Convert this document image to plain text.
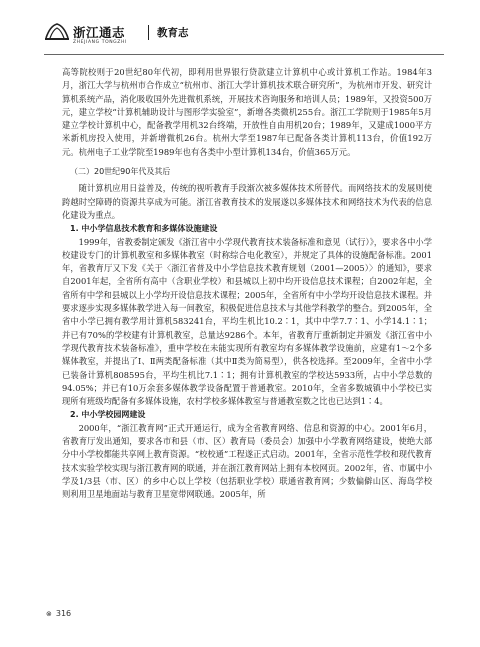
浙江通志
ZHEJIANG TONGZHI
教育志

高等院校则于20世纪80年代初，即利用世界银行贷款建立计算机中心或计算机工作站。1984年3月，浙江大学与杭州市合作成立“杭州市、浙江大学计算机技术联合研究所”，为杭州市开发、研究计算机系统产品，消化吸收国外先进微机系统，开展技术咨询服务和培训人员；1989年，又投资500万元，建立学校“计算机辅助设计与图形学实验室”，新增各类微机255台。浙江工学院则于1985年5月建立学校计算机中心，配备教学用机32台终端，开放性自由用机20台；1989年，又建成1000平方米新机房投入使用，并新增微机26台。杭州大学至1987年已配备各类计算机113台，价值192万元。杭州电子工业学院至1989年也有各类中小型计算机134台，价值365万元。

（二）20世纪90年代及其后

随计算机应用日益普及，传统的视听教育手段渐次被多媒体技术所替代。而网络技术的发展则使跨越时空障碍的资源共享成为可能。浙江省教育技术的发展遂以多媒体技术和网络技术为代表的信息化建设为重点。

1. 中小学信息技术教育和多媒体设施建设

1999年，省教委制定颁发《浙江省中小学现代教育技术装备标准和意见（试行）》，要求各中小学校建设专门的计算机教室和多媒体教室（时称综合电化教室），并规定了具体的设施配备标准。2001年，省教育厅又下发《关于〈浙江省普及中小学信息技术教育规划（2001—2005）〉的通知》，要求自2001年起，全省所有高中（含职业学校）和县城以上初中均开设信息技术课程；自2002年起，全省所有中学和县城以上小学均开设信息技术课程；2005年，全省所有中小学均开设信息技术课程。并要求逐步实现多媒体教学进入每一间教室，积极促进信息技术与其他学科教学的整合。到2005年，全省中小学已拥有教学用计算机583241台，平均生机比10.2∶1，其中中学7.7∶1、小学14.1∶1；并已有70%的学校建有计算机教室，总量达9286个。本年，省教育厅重新制定并颁发《浙江省中小学现代教育技术装备标准》，重申学校在未能实现所有教室均有多媒体教学设施前，应建有1～2个多媒体教室，并提出了Ⅰ、Ⅱ两类配备标准（其中Ⅱ类为简易型），供各校选择。至2009年，全省中小学已装备计算机808595台，平均生机比7.1∶1；拥有计算机教室的学校达5933所，占中小学总数的94.05%；并已有10万余套多媒体教学设备配置于普通教室。2010年，全省多数城镇中小学校已实现所有班级均配备有多媒体设施，农村学校多媒体教室与普通教室数之比也已达到1∶4。

2. 中小学校园网建设

2000年，“浙江教育网”正式开通运行，成为全省教育网络、信息和资源的中心。2001年6月，省教育厅发出通知，要求各市和县（市、区）教育局（委员会）加强中小学教育网络建设，使绝大部分中小学校都能共享网上教育资源。“校校通”工程遂正式启动。2001年，全省示范性学校和现代教育技术实验学校实现与浙江教育网的联通，并在浙江教育网站上拥有本校网页。2002年，省、市属中小学及1/3县（市、区）的乡中心以上学校（包括职业学校）联通省教育网；少数偏僻山区、海岛学校则利用卫星地面站与教育卫星宽带网联通。2005年，所

⊗ 316
